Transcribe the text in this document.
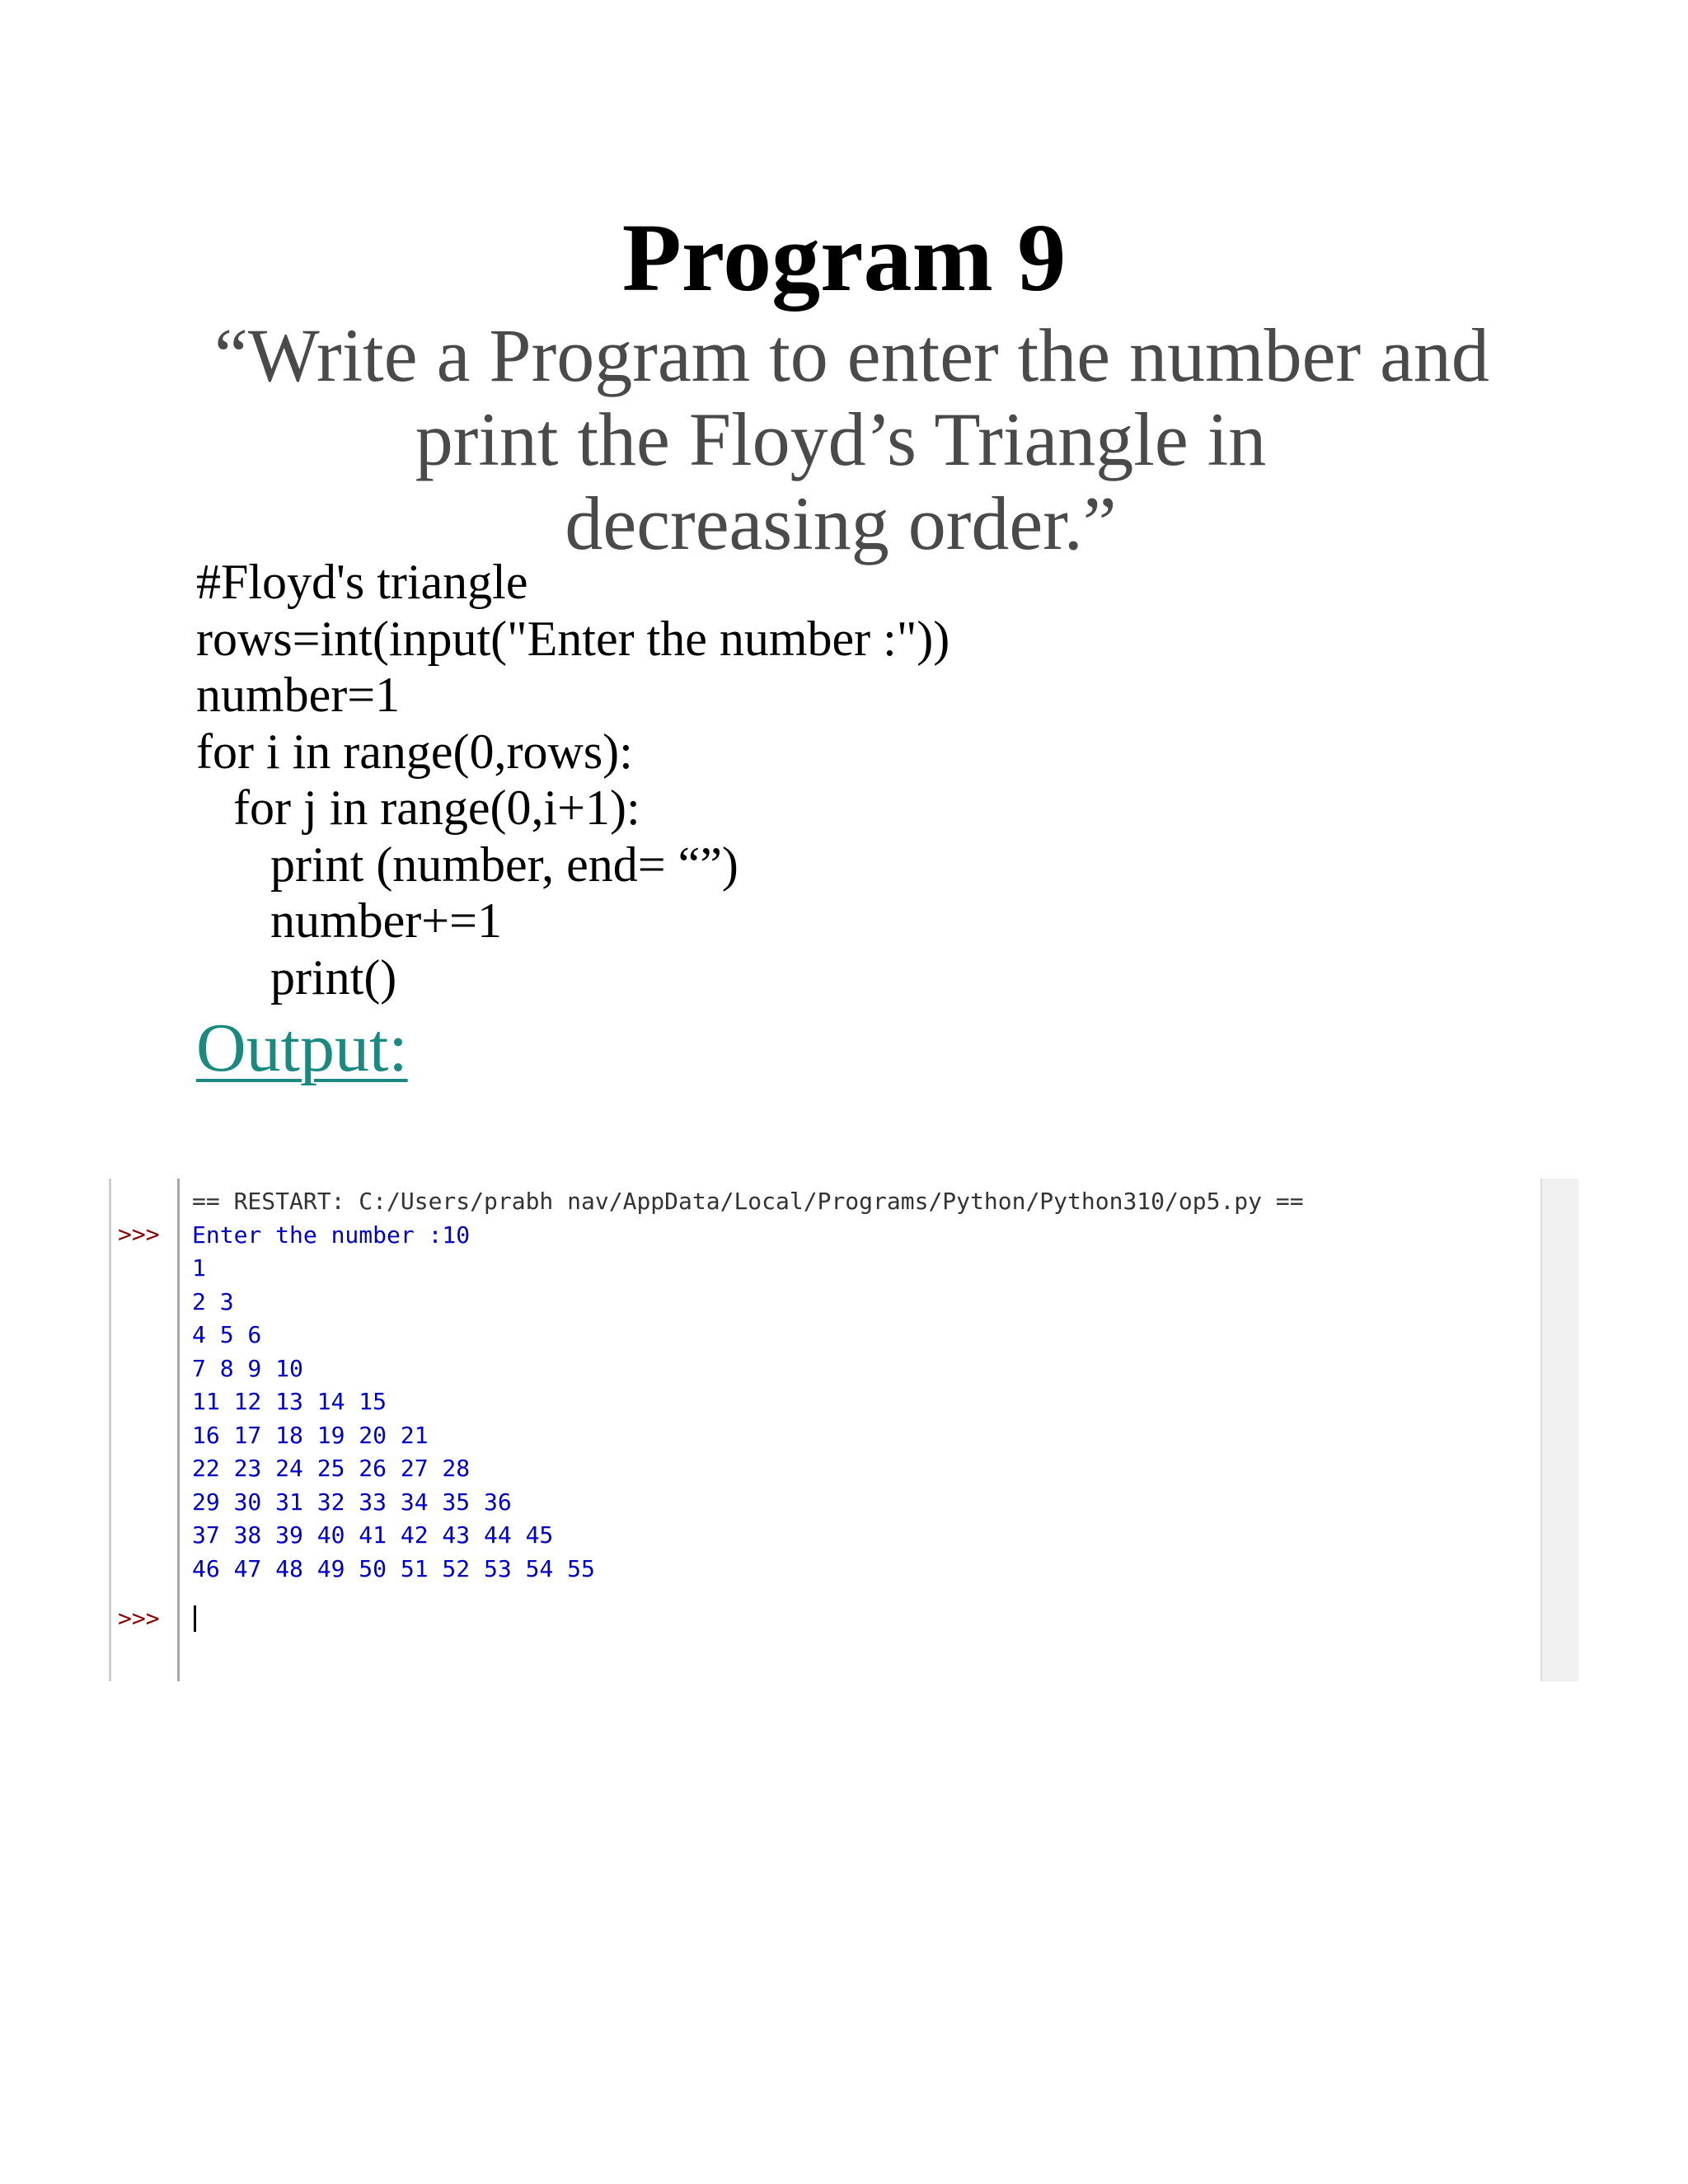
Program 9
“Write a Program to enter the number and
print the Floyd’s Triangle in
decreasing order.”
#Floyd's triangle
rows=int(input("Enter the number :"))
number=1
for i in range(0,rows):
for j in range(0,i+1):
print (number, end= “”)
number+=1
print()
Output:
>>>
>>>
== RESTART: C:/Users/prabh nav/AppData/Local/Programs/Python/Python310/op5.py ==
Enter the number :10
1
2 3
4 5 6
7 8 9 10
11 12 13 14 15
16 17 18 19 20 21
22 23 24 25 26 27 28
29 30 31 32 33 34 35 36
37 38 39 40 41 42 43 44 45
46 47 48 49 50 51 52 53 54 55
